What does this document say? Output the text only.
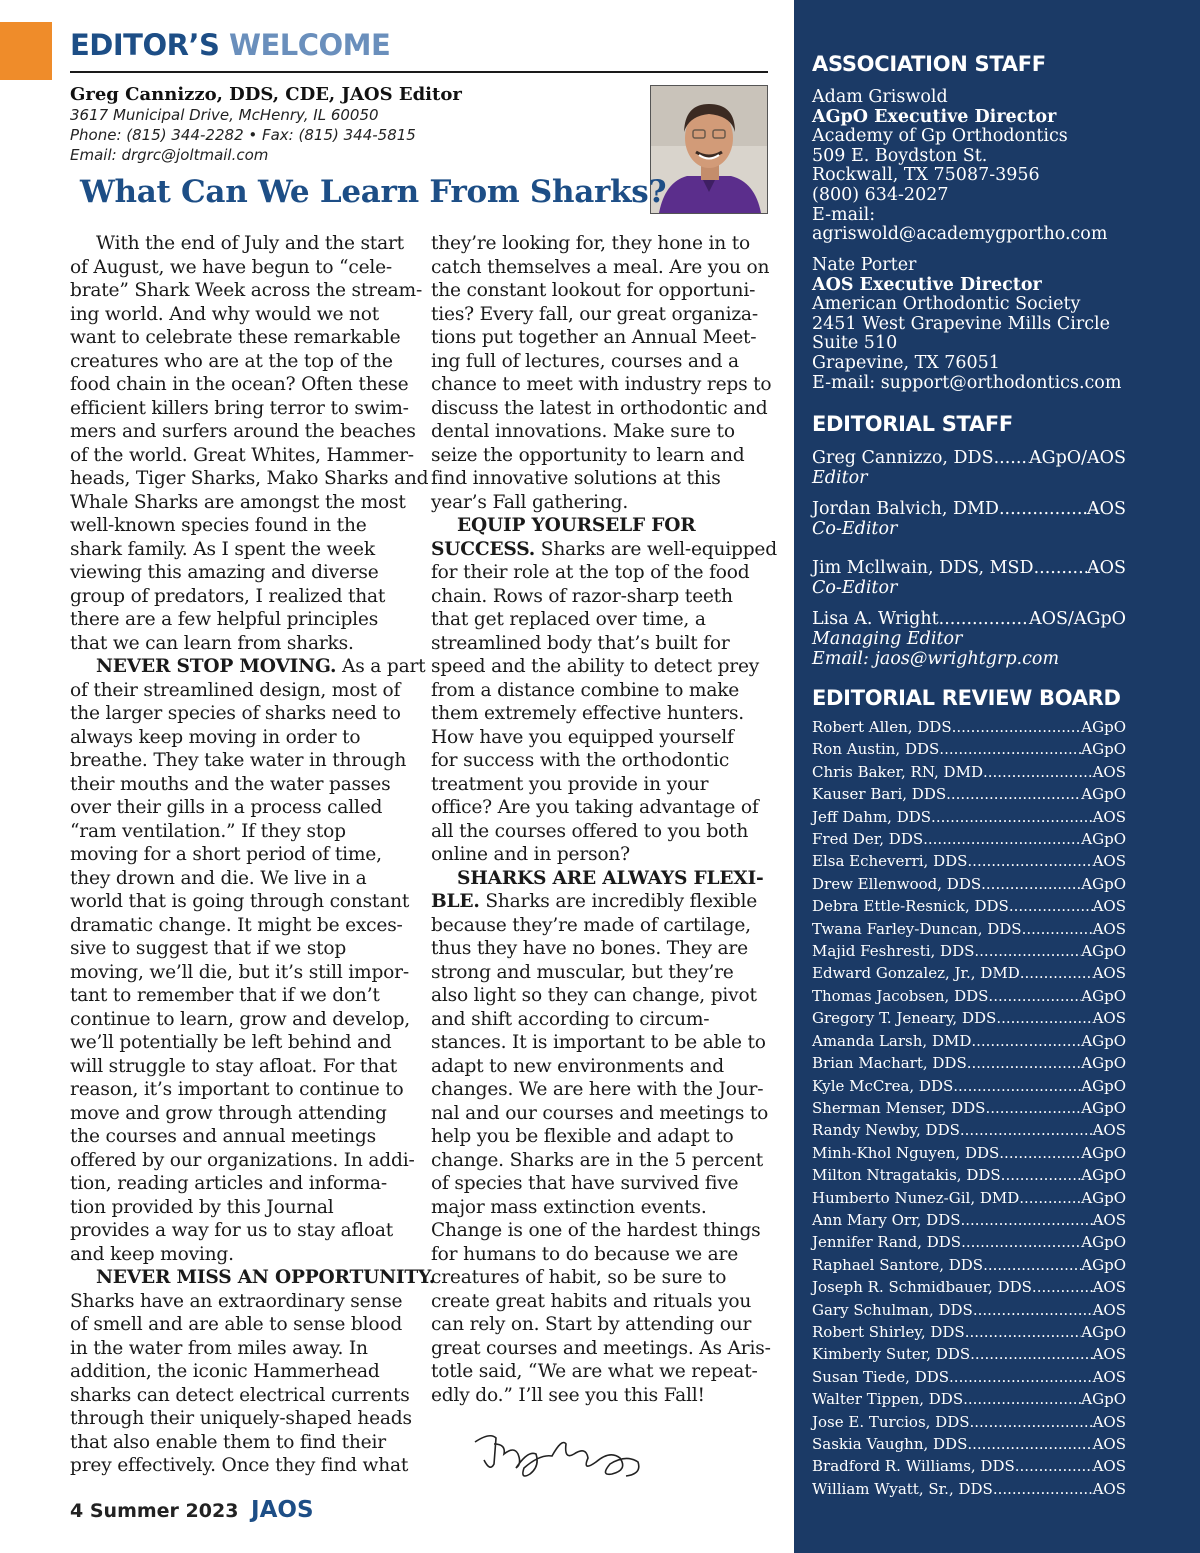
EDITOR’S WELCOME
Greg Cannizzo, DDS, CDE, JAOS Editor
3617 Municipal Drive, McHenry, IL 60050
Phone: (815) 344-2282 • Fax: (815) 344-5815
Email: drgrc@joltmail.com
What Can We Learn From Sharks?

With the end of July and the start

of August, we have begun to “cele-

brate” Shark Week across the stream-

ing world. And why would we not

want to celebrate these remarkable

creatures who are at the top of the

food chain in the ocean? Often these

efficient killers bring terror to swim-

mers and surfers around the beaches

of the world. Great Whites, Hammer-

heads, Tiger Sharks, Mako Sharks and

Whale Sharks are amongst the most

well-known species found in the

shark family. As I spent the week

viewing this amazing and diverse

group of predators, I realized that

there are a few helpful principles

that we can learn from sharks.

NEVER STOP MOVING. As a part

of their streamlined design, most of

the larger species of sharks need to

always keep moving in order to

breathe. They take water in through

their mouths and the water passes

over their gills in a process called

“ram ventilation.” If they stop

moving for a short period of time,

they drown and die. We live in a

world that is going through constant

dramatic change. It might be exces-

sive to suggest that if we stop

moving, we’ll die, but it’s still impor-

tant to remember that if we don’t

continue to learn, grow and develop,

we’ll potentially be left behind and

will struggle to stay afloat. For that

reason, it’s important to continue to

move and grow through attending

the courses and annual meetings

offered by our organizations. In addi-

tion, reading articles and informa-

tion provided by this Journal

provides a way for us to stay afloat

and keep moving.

NEVER MISS AN OPPORTUNITY.

Sharks have an extraordinary sense

of smell and are able to sense blood

in the water from miles away. In

addition, the iconic Hammerhead

sharks can detect electrical currents

through their uniquely-shaped heads

that also enable them to find their

prey effectively. Once they find what

they’re looking for, they hone in to

catch themselves a meal. Are you on

the constant lookout for opportuni-

ties? Every fall, our great organiza-

tions put together an Annual Meet-

ing full of lectures, courses and a

chance to meet with industry reps to

discuss the latest in orthodontic and

dental innovations. Make sure to

seize the opportunity to learn and

find innovative solutions at this

year’s Fall gathering.

EQUIP YOURSELF FOR

SUCCESS. Sharks are well-equipped

for their role at the top of the food

chain. Rows of razor-sharp teeth

that get replaced over time, a

streamlined body that’s built for

speed and the ability to detect prey

from a distance combine to make

them extremely effective hunters.

How have you equipped yourself

for success with the orthodontic

treatment you provide in your

office? Are you taking advantage of

all the courses offered to you both

online and in person?

SHARKS ARE ALWAYS FLEXI-

BLE. Sharks are incredibly flexible

because they’re made of cartilage,

thus they have no bones. They are

strong and muscular, but they’re

also light so they can change, pivot

and shift according to circum-

stances. It is important to be able to

adapt to new environments and

changes. We are here with the Jour-

nal and our courses and meetings to

help you be flexible and adapt to

change. Sharks are in the 5 percent

of species that have survived five

major mass extinction events.

Change is one of the hardest things

for humans to do because we are

creatures of habit, so be sure to

create great habits and rituals you

can rely on. Start by attending our

great courses and meetings. As Aris-

totle said, “We are what we repeat-

edly do.” I’ll see you this Fall!

4 Summer 2023 JAOS
ASSOCIATION STAFF
Adam Griswold
AGpO Executive Director
Academy of Gp Orthodontics
509 E. Boydston St.
Rockwall, TX 75087-3956
(800) 634-2027
E-mail:
agriswold@academygportho.com
Nate Porter
AOS Executive Director
American Orthodontic Society
2451 West Grapevine Mills Circle
Suite 510
Grapevine, TX 76051
E-mail: support@orthodontics.com
EDITORIAL STAFF
Greg Cannizzo, DDS ..... AGpO/AOS
Editor
Jordan Balvich, DMD .....	AOS
Co-Editor
Jim Mcllwain, DDS, MSD .....	AOS
Co-Editor
Lisa A. Wright .....	AOS/AGpO
Managing Editor
Email: jaos@wrightgrp.com
EDITORIAL REVIEW BOARD
Robert Allen, DDS .....	AGpO
Ron Austin, DDS .....	AGpO
Chris Baker, RN, DMD .....	AOS
Kauser Bari, DDS .....	AGpO
Jeff Dahm, DDS .....	AOS
Fred Der, DDS .....	AGpO
Elsa Echeverri, DDS .....	AOS
Drew Ellenwood, DDS .....	AGpO
Debra Ettle-Resnick, DDS .....	AOS
Twana Farley-Duncan, DDS .....	AOS
Majid Feshresti, DDS .....	AGpO
Edward Gonzalez, Jr., DMD .....	AOS
Thomas Jacobsen, DDS .....	AGpO
Gregory T. Jeneary, DDS .....	AOS
Amanda Larsh, DMD .....	AGpO
Brian Machart, DDS .....	AGpO
Kyle McCrea, DDS .....	AGpO
Sherman Menser, DDS .....	AGpO
Randy Newby, DDS .....	AOS
Minh-Khol Nguyen, DDS .....	AGpO
Milton Ntragatakis, DDS .....	AGpO
Humberto Nunez-Gil, DMD .....	AGpO
Ann Mary Orr, DDS .....	AOS
Jennifer Rand, DDS .....	AGpO
Raphael Santore, DDS .....	AGpO
Joseph R. Schmidbauer, DDS .....	AOS
Gary Schulman, DDS .....	AOS
Robert Shirley, DDS .....	AGpO
Kimberly Suter, DDS .....	AOS
Susan Tiede, DDS .....	AOS
Walter Tippen, DDS .....	AGpO
Jose E. Turcios, DDS .....	AOS
Saskia Vaughn, DDS .....	AOS
Bradford R. Williams, DDS .....	AOS
William Wyatt, Sr., DDS .....	AOS
